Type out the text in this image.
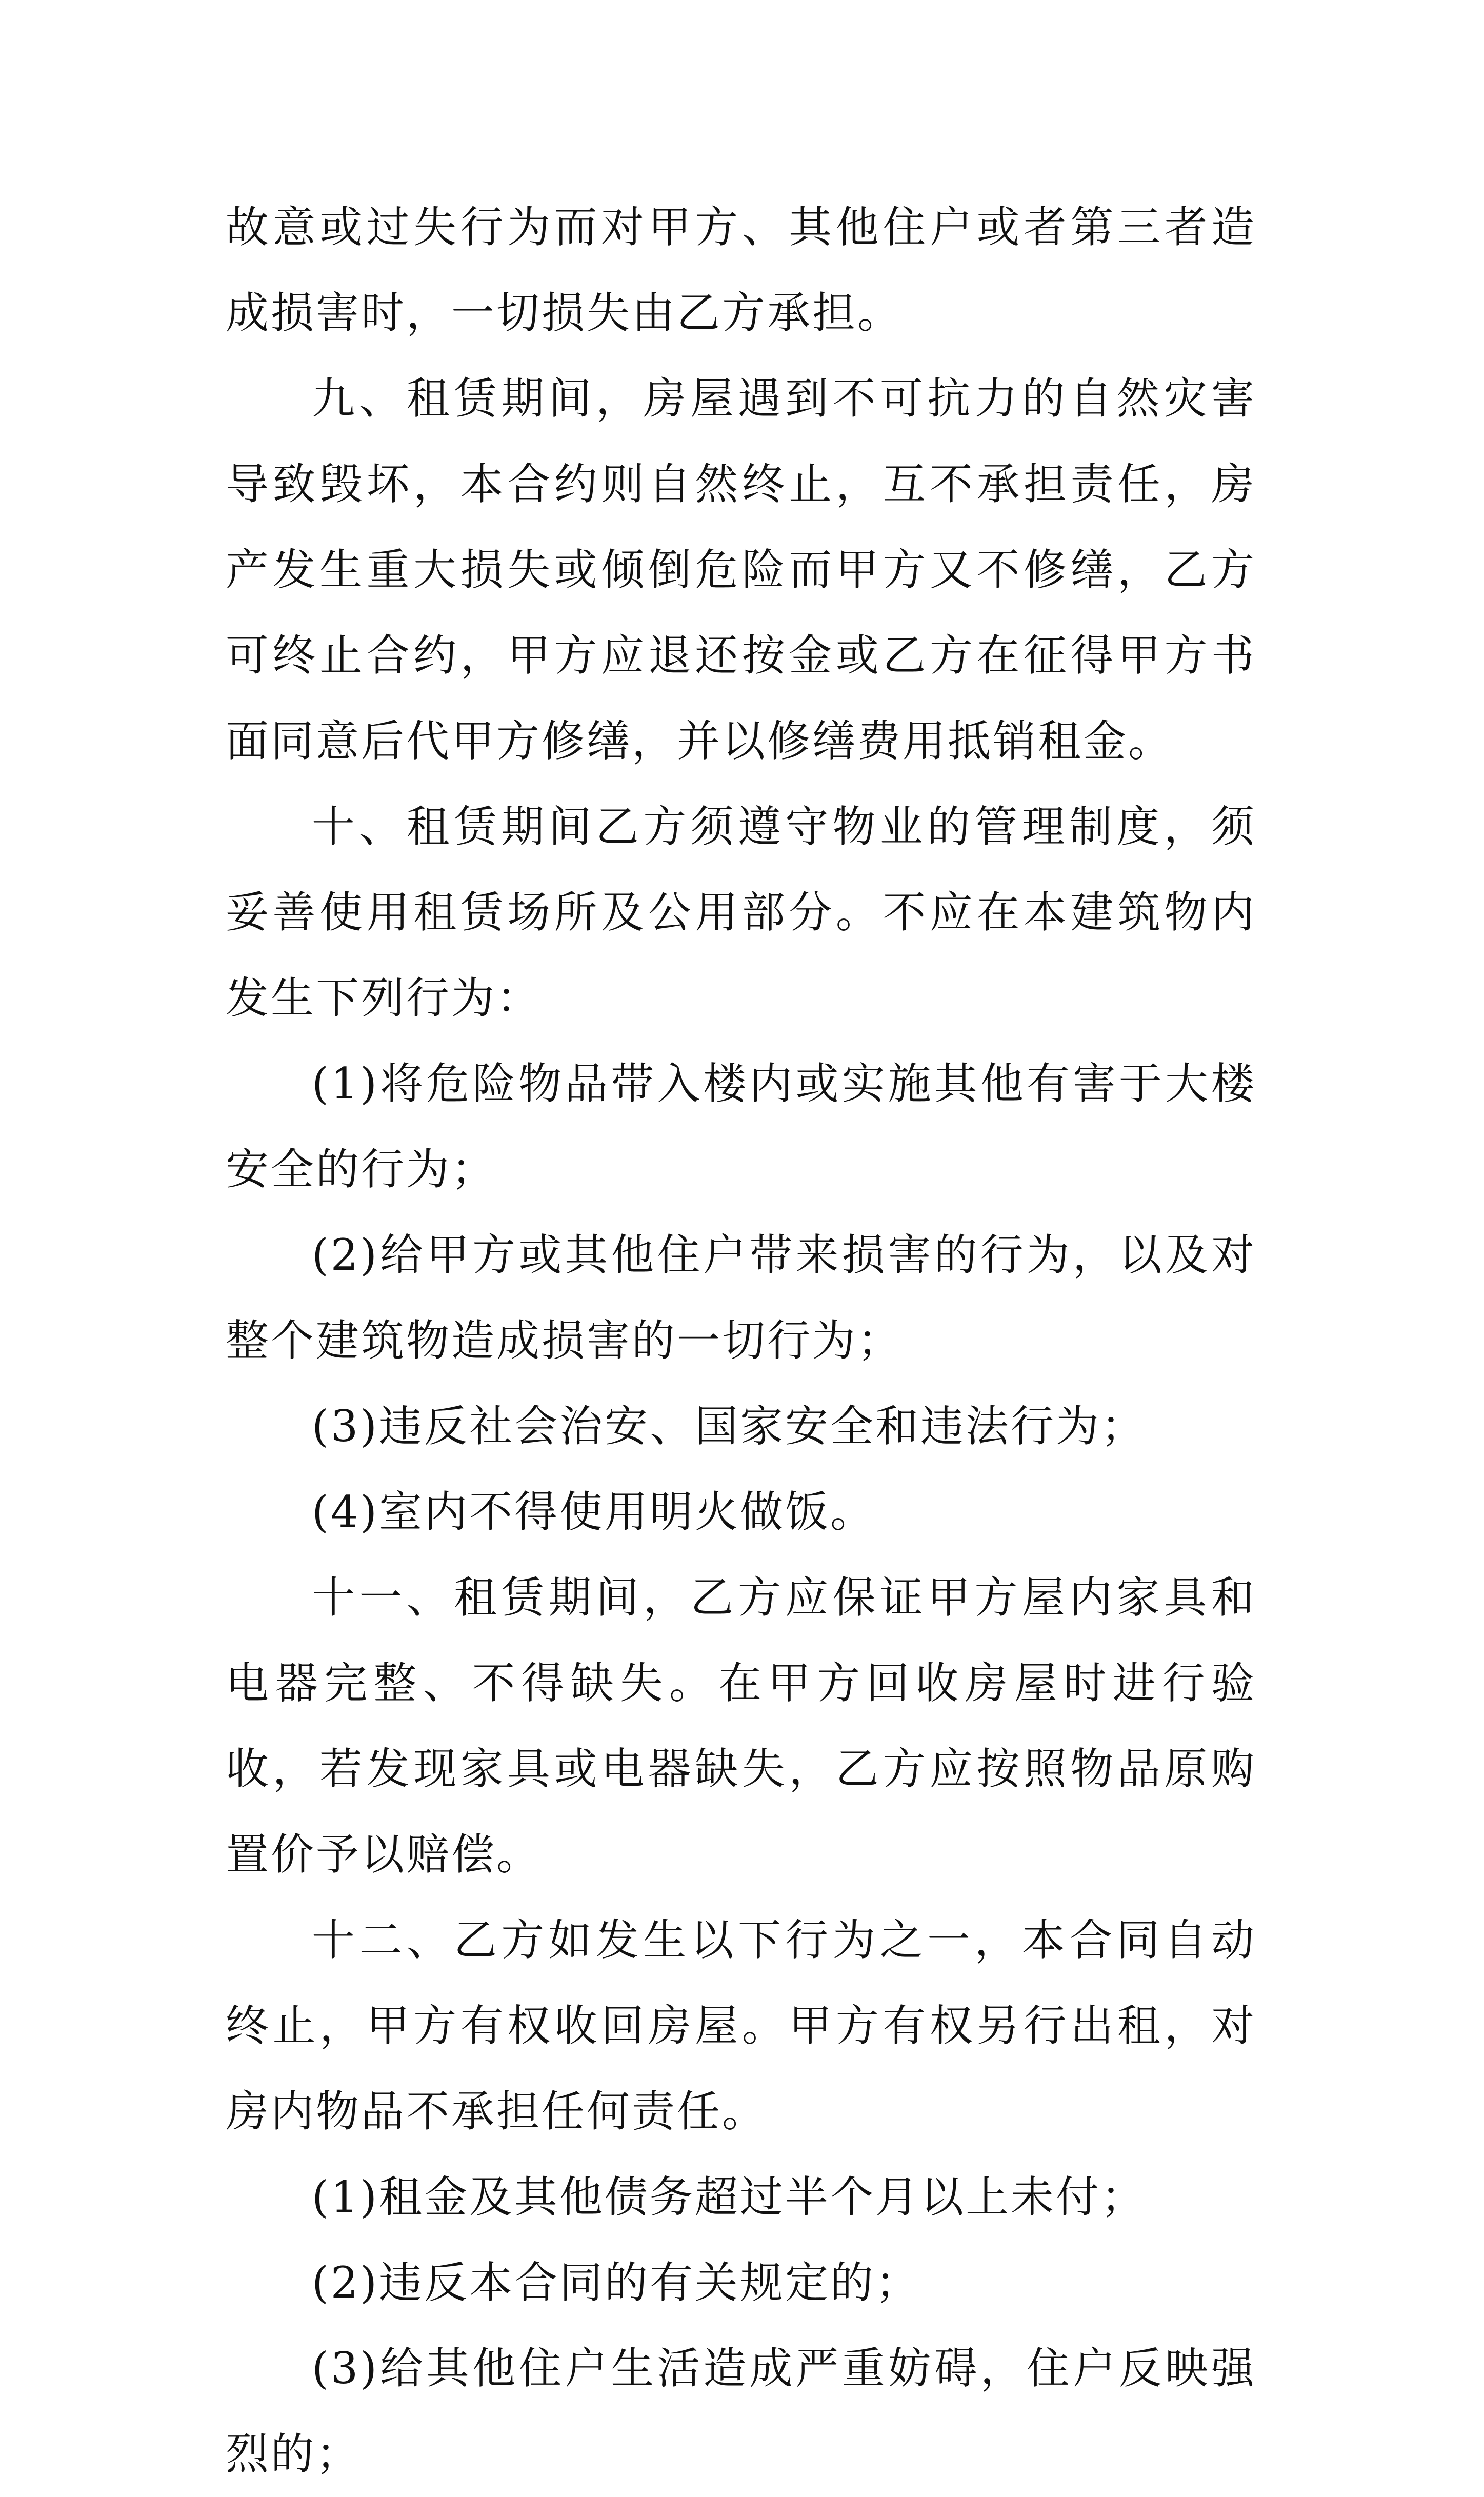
故意或过失行为而对甲方、其他住户或者第三者造成损害时，一切损失由乙方承担。

九、租赁期间，房屋遇到不可抗力的自然灾害导致毁坏，本合约则自然终止，互不承担责任，房产发生重大损失或倾倒危险而甲方又不修缮，乙方可终止合约，甲方应退还按金或乙方在征得甲方书面同意后代甲方修缮，并以修缮费用抵销租金。

十、租赁期间乙方须遵守物业的管理制度，须妥善使用租赁场所及公用部分。不应在本建筑物内发生下列行为：

(1)将危险物品带入楼内或实施其他有害于大楼安全的行为；

(2)给甲方或其他住户带来损害的行为，以及对整个建筑物造成损害的一切行为；

(3)违反社会治安、国家安全和违法行为；

(4)室内不得使用明火做饭。

十一、租赁期间，乙方应保证甲方屋内家具和电器完整、不得缺失。在甲方回收房屋时进行验收，若发现家具或电器缺失，乙方应按照物品原购置价予以赔偿。

十二、乙方如发生以下行为之一，本合同自动终止，甲方有权收回房屋。甲方有权另行出租，对房内物品不承担任何责任。

(1)租金及其他债务超过半个月以上未付；

(2)违反本合同的有关规定的；

(3)给其他住户生活造成严重妨碍，住户反映强烈的；
